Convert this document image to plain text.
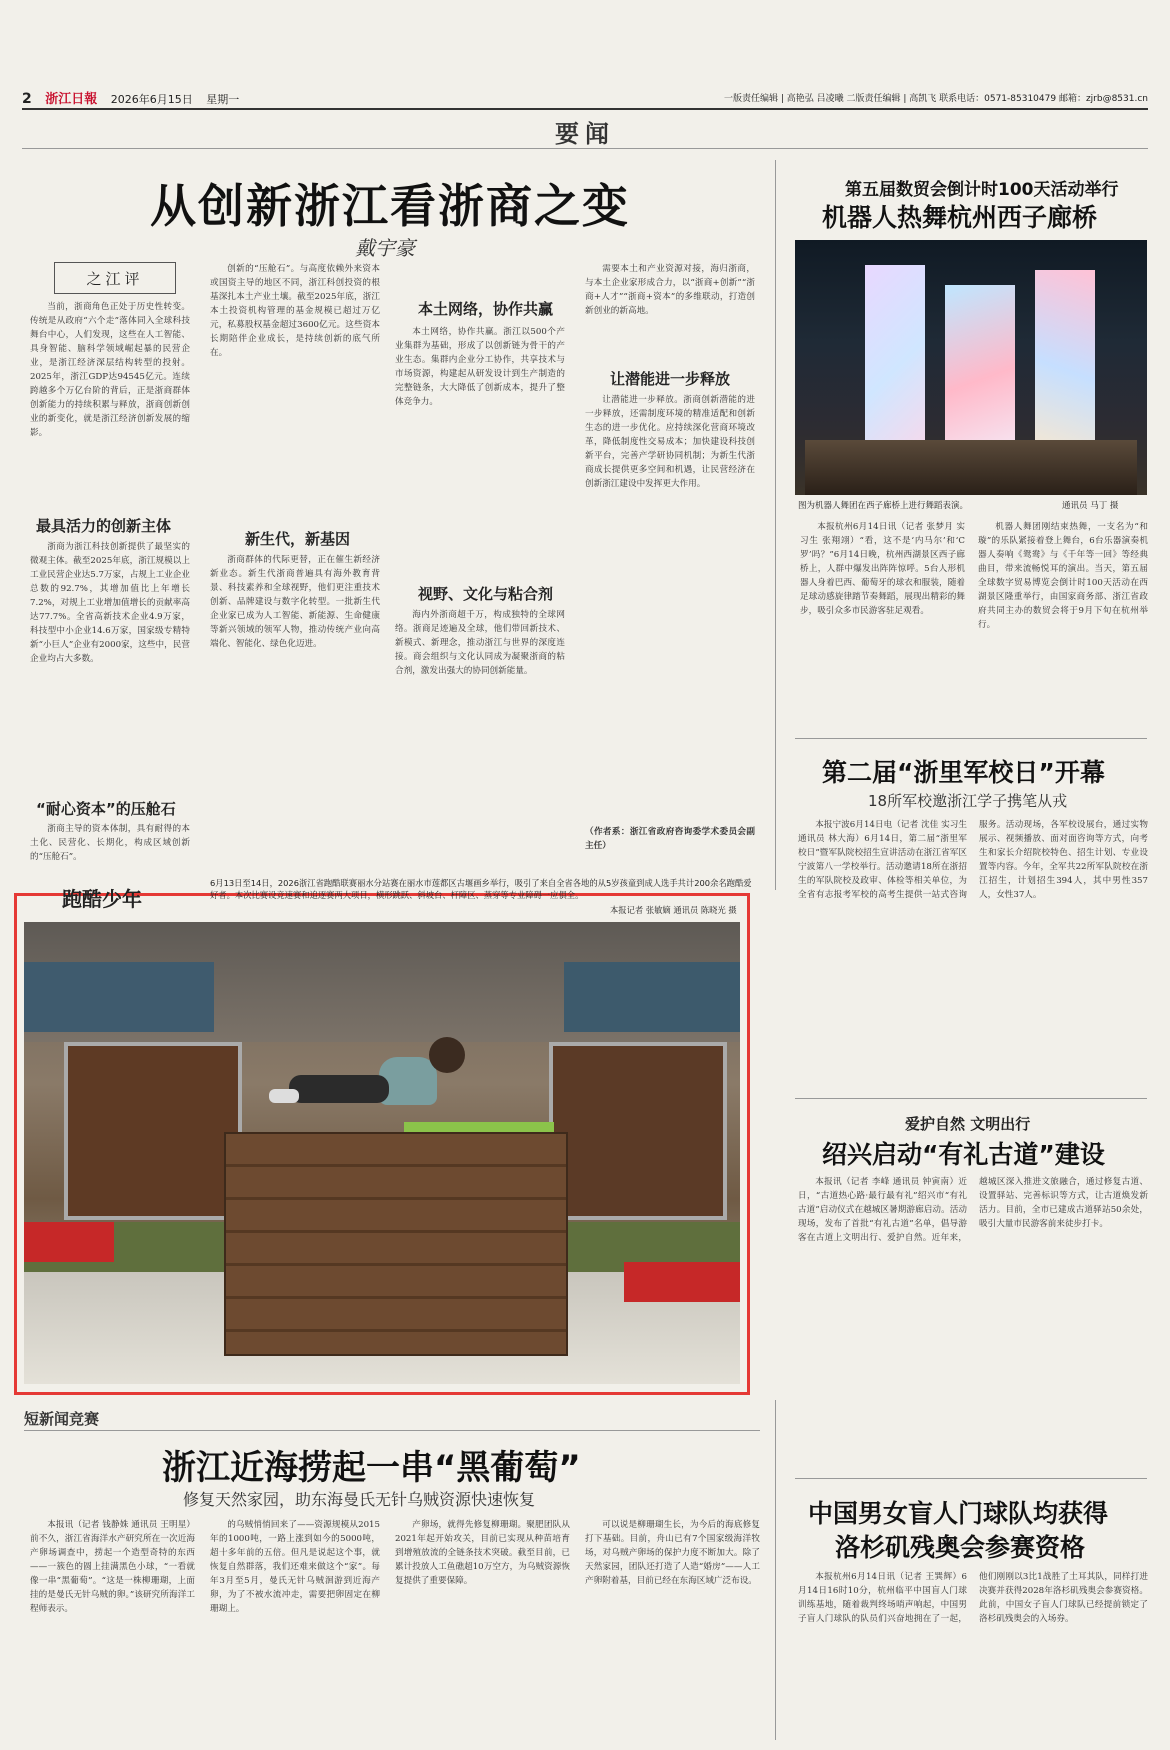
2 浙江日報 2026年6月15日 星期一	一版责任编辑 | 高艳弘 吕凌曦 二版责任编辑 | 高凯飞 联系电话：0571-85310479 邮箱：zjrb@8531.cn
要闻
从创新浙江看浙商之变
戴宇豪
之江评

当前，浙商角色正处于历史性转变。传统是从政府“六个走”落体同入全球科技舞台中心，人们发现，这些在人工智能、具身智能、脑科学领域崛起暴的民营企业，是浙江经济深层结构转型的投射。2025年，浙江GDP达94545亿元。连续跨越多个万亿台阶的背后，正是浙商群体创新能力的持续积累与释放，浙商创新创业的新变化，就是浙江经济创新发展的缩影。

最具活力的创新主体

浙商为浙江科技创新提供了最坚实的微观主体。截至2025年底，浙江规模以上工业民营企业达5.7万家，占规上工业企业总数的92.7%，其增加值比上年增长7.2%，对规上工业增加值增长的贡献率高达77.7%。全省高新技术企业4.9万家，科技型中小企业14.6万家，国家级专精特新“小巨人”企业有2000家，这些中，民营企业均占大多数。

“耐心资本”的压舱石

浙商主导的资本体制，具有耐得的本土化、民营化、长期化，构成区域创新的“压舱石”。

创新的“压舱石”。与高度依赖外来资本或国资主导的地区不同，浙江科创投资的根基深扎本土产业土壤。截至2025年底，浙江本土投资机构管理的基金规模已超过万亿元，私募股权基金超过3600亿元。这些资本长期陪伴企业成长，是持续创新的底气所在。

新生代，新基因

浙商群体的代际更替，正在催生新经济新业态。新生代浙商普遍具有海外教育背景、科技素养和全球视野，他们更注重技术创新、品牌建设与数字化转型。一批新生代企业家已成为人工智能、新能源、生命健康等新兴领域的领军人物，推动传统产业向高端化、智能化、绿色化迈进。

本土网络，协作共赢

本土网络，协作共赢。浙江以500个产业集群为基础，形成了以创新链为骨干的产业生态。集群内企业分工协作，共享技术与市场资源，构建起从研发设计到生产制造的完整链条，大大降低了创新成本，提升了整体竞争力。

视野、文化与粘合剂

海内外浙商超千万，构成独特的全球网络。浙商足迹遍及全球，他们带回新技术、新模式、新理念，推动浙江与世界的深度连接。商会组织与文化认同成为凝聚浙商的粘合剂，激发出强大的协同创新能量。

需要本土和产业资源对接，海归浙商，与本土企业家形成合力，以“浙商+创新”“浙商+人才”“浙商+资本”的多维联动，打造创新创业的新高地。

让潜能进一步释放

让潜能进一步释放。浙商创新潜能的进一步释放，还需制度环境的精准适配和创新生态的进一步优化。应持续深化营商环境改革，降低制度性交易成本；加快建设科技创新平台，完善产学研协同机制；为新生代浙商成长提供更多空间和机遇，让民营经济在创新浙江建设中发挥更大作用。

（作者系：浙江省政府咨询委学术委员会副主任）
第五届数贸会倒计时100天活动举行
机器人热舞杭州西子廊桥
图为机器人舞团在西子廊桥上进行舞蹈表演。	通讯员 马丁 摄

本报杭州6月14日讯（记者 张梦月 实习生 张翔翊）“看，这不是‘内马尔’和‘C罗’吗？”6月14日晚，杭州西湖景区西子廊桥上，人群中爆发出阵阵惊呼。5台人形机器人身着巴西、葡萄牙的球衣和服装，随着足球动感旋律踏节奏舞蹈，展现出精彩的舞步，吸引众多市民游客驻足观看。

机器人舞团刚结束热舞，一支名为“和璇”的乐队紧接着登上舞台，6台乐器演奏机器人奏响《鸳鸯》与《千年等一回》等经典曲目，带来流畅悦耳的演出。当天，第五届全球数字贸易博览会倒计时100天活动在西湖景区隆重举行，由国家商务部、浙江省政府共同主办的数贸会将于9月下旬在杭州举行。

第二届“浙里军校日”开幕
18所军校邀浙江学子携笔从戎

本报宁波6月14日电（记者 沈佳 实习生 通讯员 林大海）6月14日，第二届“浙里军校日”暨军队院校招生宣讲活动在浙江省军区宁波第八一学校举行。活动邀请18所在浙招生的军队院校及政审、体检等相关单位，为全省有志报考军校的高考生提供一站式咨询服务。活动现场，各军校设展台，通过实物展示、视频播放、面对面咨询等方式，向考生和家长介绍院校特色、招生计划、专业设置等内容。今年，全军共22所军队院校在浙江招生，计划招生394人，其中男性357人，女性37人。

爱护自然 文明出行
绍兴启动“有礼古道”建设

本报讯（记者 李峰 通讯员 钟寅南）近日，“古道热心路·最行最有礼”绍兴市“有礼古道”启动仪式在越城区暑期游廊启动。活动现场，发布了首批“有礼古道”名单，倡导游客在古道上文明出行、爱护自然。近年来，越城区深入推进文旅融合，通过修复古道、设置驿站、完善标识等方式，让古道焕发新活力。目前，全市已建成古道驿站50余处，吸引大量市民游客前来徒步打卡。

中国男女盲人门球队均获得
洛杉矶残奥会参赛资格

本报杭州6月14日讯（记者 王巽辉）6月14日16时10分，杭州临平中国盲人门球训练基地，随着裁判终场哨声响起，中国男子盲人门球队的队员们兴奋地拥在了一起，他们刚刚以3比1战胜了土耳其队，同样打进决赛并获得2028年洛杉矶残奥会参赛资格。此前，中国女子盲人门球队已经提前锁定了洛杉矶残奥会的入场券。

跑酷少年
6月13日至14日，2026浙江省跑酷联赛丽水分站赛在丽水市莲都区古堰画乡举行，吸引了来自全省各地的从5岁孩童到成人选手共计200余名跑酷爱好者。本次比赛设竞速赛和追逐赛两大项目，横形跳跃、斜坡台、杆障区、蒸穿等专业障碍一应俱全。
本报记者 张敏嫡 通讯员 陈晓光 摄
短新闻竞赛
浙江近海捞起一串“黑葡萄”
修复天然家园，助东海曼氏无针乌贼资源快速恢复

本报讯（记者 钱静姝 通讯员 王明星）前不久，浙江省海洋水产研究所在一次近海产卵场调查中，捞起一个造型奇特的东西——一簇色的圆上挂满黑色小球，“一看就像一串“黑葡萄”。“这是一株柳珊瑚，上面挂的是曼氏无针乌贼的卵。”该研究所海洋工程师表示。

的乌贼悄悄回来了——资源规模从2015年的1000吨，一路上涨到如今的5000吨，超十多年前的五倍。但凡是说起这个事，就恢复自然群落，我们还难来做这个“家”。每年3月至5月，曼氏无针乌贼洄游到近海产卵，为了不被水流冲走，需要把卵固定在柳珊瑚上。

产卵场，就得先修复柳珊瑚。聚肥团队从2021年起开始攻关，目前已实现从种苗培育到增殖放流的全链条技术突破。截至目前，已累计投放人工鱼礁超10万空方，为乌贼资源恢复提供了重要保障。

可以说是柳珊瑚生长，为今后的海底修复打下基础。目前，舟山已有7个国家级海洋牧场，对乌贼产卵场的保护力度不断加大。除了天然家园，团队还打造了人造“婚房”——人工产卵附着基，目前已经在东海区域广泛布设。
